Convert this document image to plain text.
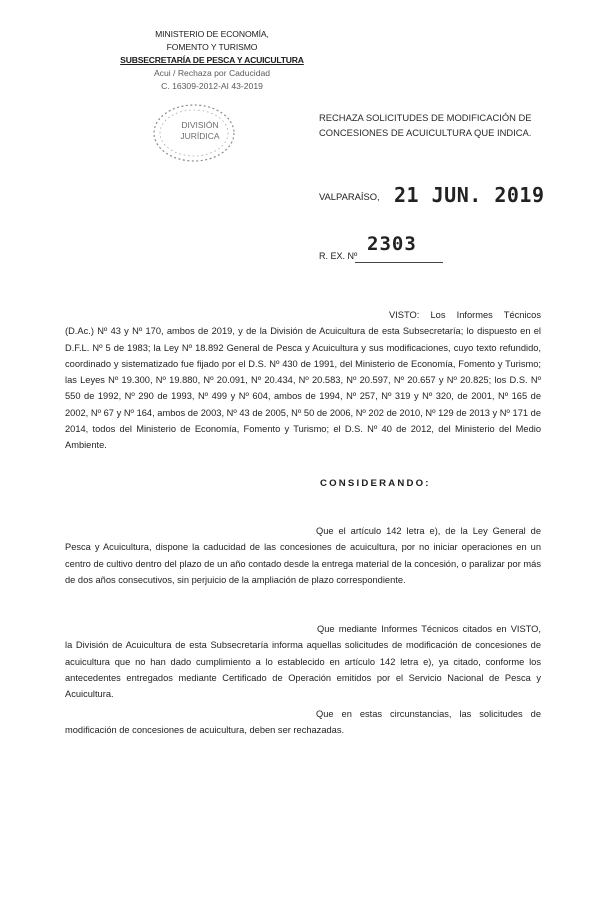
MINISTERIO DE ECONOMÍA,
FOMENTO Y TURISMO
SUBSECRETARÍA DE PESCA Y ACUICULTURA
Acui / Rechaza por Caducidad
C. 16309-2012-AI 43-2019
DIVISIÓN
JURÍDICA
RECHAZA SOLICITUDES DE MODIFICACIÓN DE CONCESIONES DE ACUICULTURA QUE INDICA.
VALPARAÍSO, 21 JUN. 2019
R. EX. Nº
2303
VISTO: Los Informes Técnicos (D.Ac.) Nº 43 y Nº 170, ambos de 2019, y de la División de Acuicultura de esta Subsecretaría; lo dispuesto en el D.F.L. Nº 5 de 1983; la Ley Nº 18.892 General de Pesca y Acuicultura y sus modificaciones, cuyo texto refundido, coordinado y sistematizado fue fijado por el D.S. Nº 430 de 1991, del Ministerio de Economía, Fomento y Turismo; las Leyes Nº 19.300, Nº 19.880, Nº 20.091, Nº 20.434, Nº 20.583, Nº 20.597, Nº 20.657 y Nº 20.825; los D.S. Nº 550 de 1992, Nº 290 de 1993, Nº 499 y Nº 604, ambos de 1994, Nº 257, Nº 319 y Nº 320, de 2001, Nº 165 de 2002, Nº 67 y Nº 164, ambos de 2003, Nº 43 de 2005, Nº 50 de 2006, Nº 202 de 2010, Nº 129 de 2013 y Nº 171 de 2014, todos del Ministerio de Economía, Fomento y Turismo; el D.S. Nº 40 de 2012, del Ministerio del Medio Ambiente.
CONSIDERANDO:
Que el artículo 142 letra e), de la Ley General de Pesca y Acuicultura, dispone la caducidad de las concesiones de acuicultura, por no iniciar operaciones en un centro de cultivo dentro del plazo de un año contado desde la entrega material de la concesión, o paralizar por más de dos años consecutivos, sin perjuicio de la ampliación de plazo correspondiente.
Que mediante Informes Técnicos citados en VISTO, la División de Acuicultura de esta Subsecretaría informa aquellas solicitudes de modificación de concesiones de acuicultura que no han dado cumplimiento a lo establecido en artículo 142 letra e), ya citado, conforme los antecedentes entregados mediante Certificado de Operación emitidos por el Servicio Nacional de Pesca y Acuicultura.
Que en estas circunstancias, las solicitudes de modificación de concesiones de acuicultura, deben ser rechazadas.
